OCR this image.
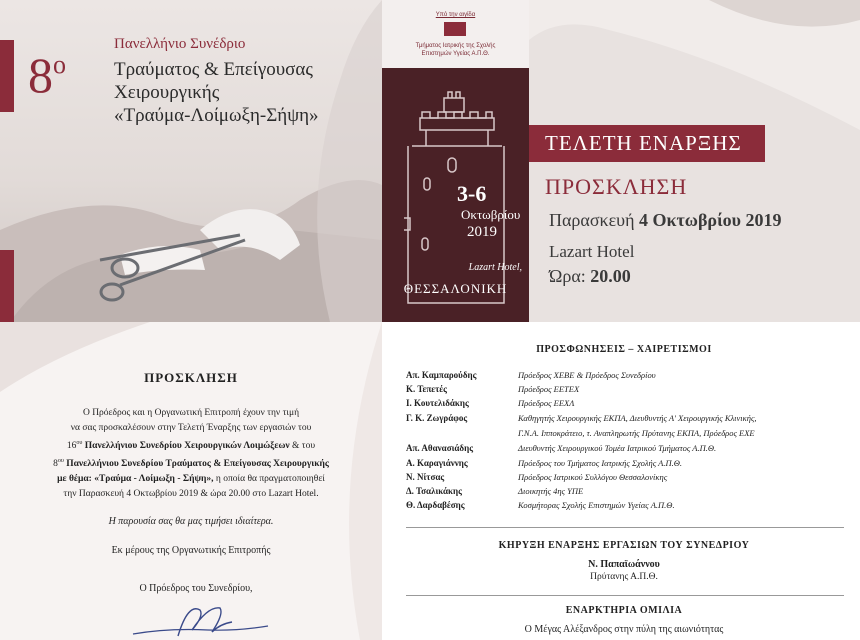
$8^o$
Πανελλήνιο Συνέδριο
Τραύματος & Επείγουσας
Χειρουργικής
«Τραύμα-Λοίμωξη-Σήψη»
Υπό την αιγίδα
Τμήματος Ιατρικής της Σχολής
Επιστημών Υγείας Α.Π.Θ.
3-6
Οκτωβρίου
2019
Lazart Hotel,
ΘΕΣΣΑΛΟΝΙΚΗ
ΤΕΛΕΤΗ ΕΝΑΡΞΗΣ
ΠΡΟΣΚΛΗΣΗ
Παρασκευή 4 Οκτωβρίου 2019
Lazart Hotel
Ώρα: 20.00
ΠΡΟΣΚΛΗΣΗ
Ο Πρόεδρος και η Οργανωτική Επιτροπή έχουν την τιμή
να σας προσκαλέσουν στην Τελετή Έναρξης των εργασιών του
$16^{o\upsilon}$ Πανελλήνιου Συνεδρίου Χειρουργικών Λοιμώξεων & του
$8^{o\upsilon}$ Πανελλήνιου Συνεδρίου Τραύματος & Επείγουσας Χειρουργικής
με θέμα: «Τραύμα - Λοίμωξη - Σήψη», η οποία θα πραγματοποιηθεί
την Παρασκευή 4 Οκτωβρίου 2019 & ώρα 20.00 στο Lazart Hotel.
Η παρουσία σας θα μας τιμήσει ιδιαίτερα.
Εκ μέρους της Οργανωτικής Επιτροπής
Ο Πρόεδρος του Συνεδρίου,
ΠΡΟΣΦΩΝΗΣΕΙΣ – ΧΑΙΡΕΤΙΣΜΟΙ
Απ. Καμπαρούδης	Πρόεδρος ΧΕΒΕ & Πρόεδρος Συνεδρίου
Κ. Τεπετές	Πρόεδρος ΕΕΤΕΧ
Ι. Κουτελιδάκης	Πρόεδρος ΕΕΧΛ
Γ. Κ. Ζωγράφος	Καθηγητής Χειρουργικής ΕΚΠΑ, Διευθυντής Α' Χειρουργικής Κλινικής,
Γ.Ν.Α. Ιπποκράτειο, τ. Αναπληρωτής Πρύτανης ΕΚΠΑ, Πρόεδρος ΕΧΕ
Απ. Αθανασιάδης	Διευθυντής Χειρουργικού Τομέα Ιατρικού Τμήματος Α.Π.Θ.
Α. Καραγιάννης	Πρόεδρος του Τμήματος Ιατρικής Σχολής Α.Π.Θ.
Ν. Νίτσας	Πρόεδρος Ιατρικού Συλλόγου Θεσσαλονίκης
Δ. Τσαλικάκης	Διοικητής 4ης ΥΠΕ
Θ. Δαρδαβέσης	Κοσμήτορας Σχολής Επιστημών Υγείας Α.Π.Θ.
ΚΗΡΥΞΗ ΕΝΑΡΞΗΣ ΕΡΓΑΣΙΩΝ ΤΟΥ ΣΥΝΕΔΡΙΟΥ
Ν. Παπαϊωάννου
Πρύτανης Α.Π.Θ.
ΕΝΑΡΚΤΗΡΙΑ ΟΜΙΛΙΑ
Ο Μέγας Αλέξανδρος στην πύλη της αιωνιότητας
